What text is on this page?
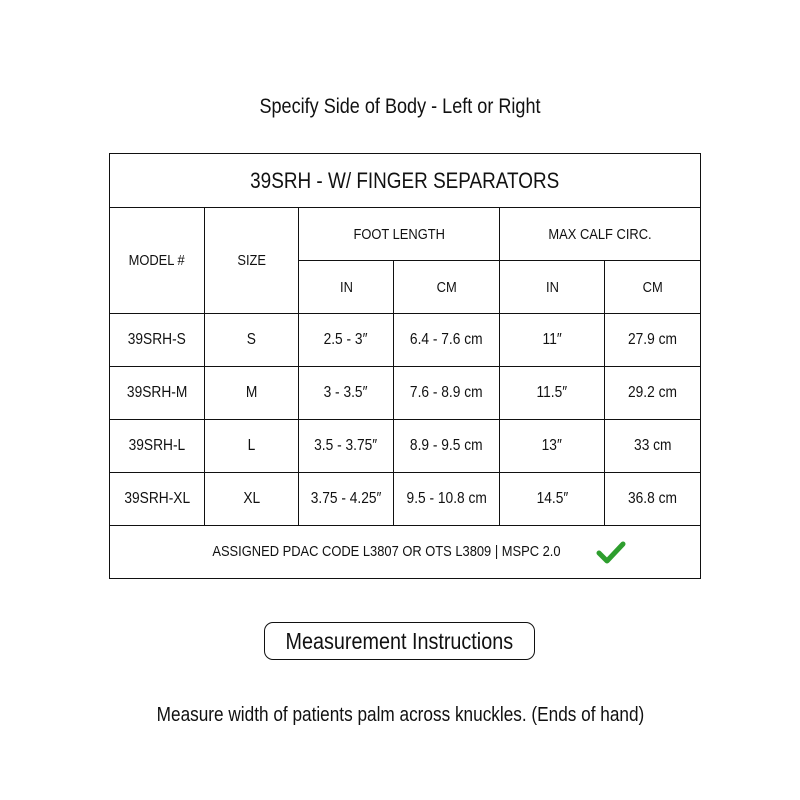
Specify Side of Body - Left or Right
39SRH - W/ FINGER SEPARATORS					
MODEL #	SIZE	FOOT LENGTH		MAX CALF CIRC.	
		IN	CM	IN	CM
39SRH-S	S	2.5 - 3″	6.4 - 7.6 cm	11″	27.9 cm
39SRH-M	M	3 - 3.5″	7.6 - 8.9 cm	11.5″	29.2 cm
39SRH-L	L	3.5 - 3.75″	8.9 - 9.5 cm	13″	33 cm
39SRH-XL	XL	3.75 - 4.25″	9.5 - 10.8 cm	14.5″	36.8 cm
ASSIGNED PDAC CODE L3807 OR OTS L3809 | MSPC 2.0					
Measurement Instructions
Measure width of patients palm across knuckles. (Ends of hand)
